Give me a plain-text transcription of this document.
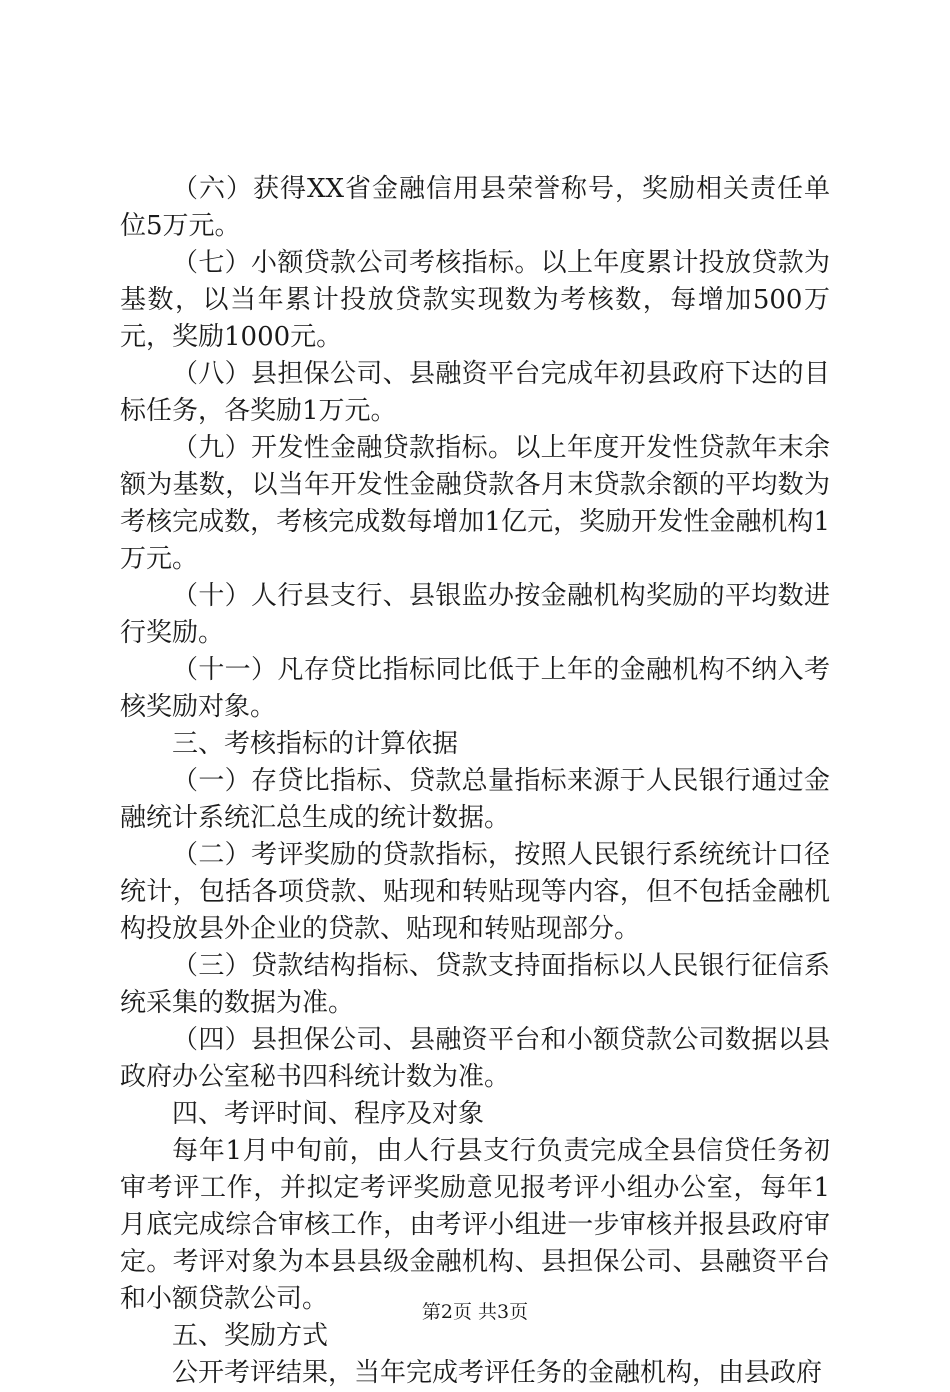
（六）获得XX省金融信用县荣誉称号，奖励相关责任单位5万元。

（七）小额贷款公司考核指标。以上年度累计投放贷款为基数，以当年累计投放贷款实现数为考核数，每增加500万元，奖励1000元。

（八）县担保公司、县融资平台完成年初县政府下达的目标任务，各奖励1万元。

（九）开发性金融贷款指标。以上年度开发性贷款年末余额为基数，以当年开发性金融贷款各月末贷款余额的平均数为考核完成数，考核完成数每增加1亿元，奖励开发性金融机构1万元。

（十）人行县支行、县银监办按金融机构奖励的平均数进行奖励。

（十一）凡存贷比指标同比低于上年的金融机构不纳入考核奖励对象。

三、考核指标的计算依据

（一）存贷比指标、贷款总量指标来源于人民银行通过金融统计系统汇总生成的统计数据。

（二）考评奖励的贷款指标，按照人民银行系统统计口径统计，包括各项贷款、贴现和转贴现等内容，但不包括金融机构投放县外企业的贷款、贴现和转贴现部分。

（三）贷款结构指标、贷款支持面指标以人民银行征信系统采集的数据为准。

（四）县担保公司、县融资平台和小额贷款公司数据以县政府办公室秘书四科统计数为准。

四、考评时间、程序及对象

每年1月中旬前，由人行县支行负责完成全县信贷任务初审考评工作，并拟定考评奖励意见报考评小组办公室，每年1月底完成综合审核工作，由考评小组进一步审核并报县政府审定。考评对象为本县县级金融机构、县担保公司、县融资平台和小额贷款公司。

五、奖励方式

公开考评结果，当年完成考评任务的金融机构，由县政府

第2页 共3页
